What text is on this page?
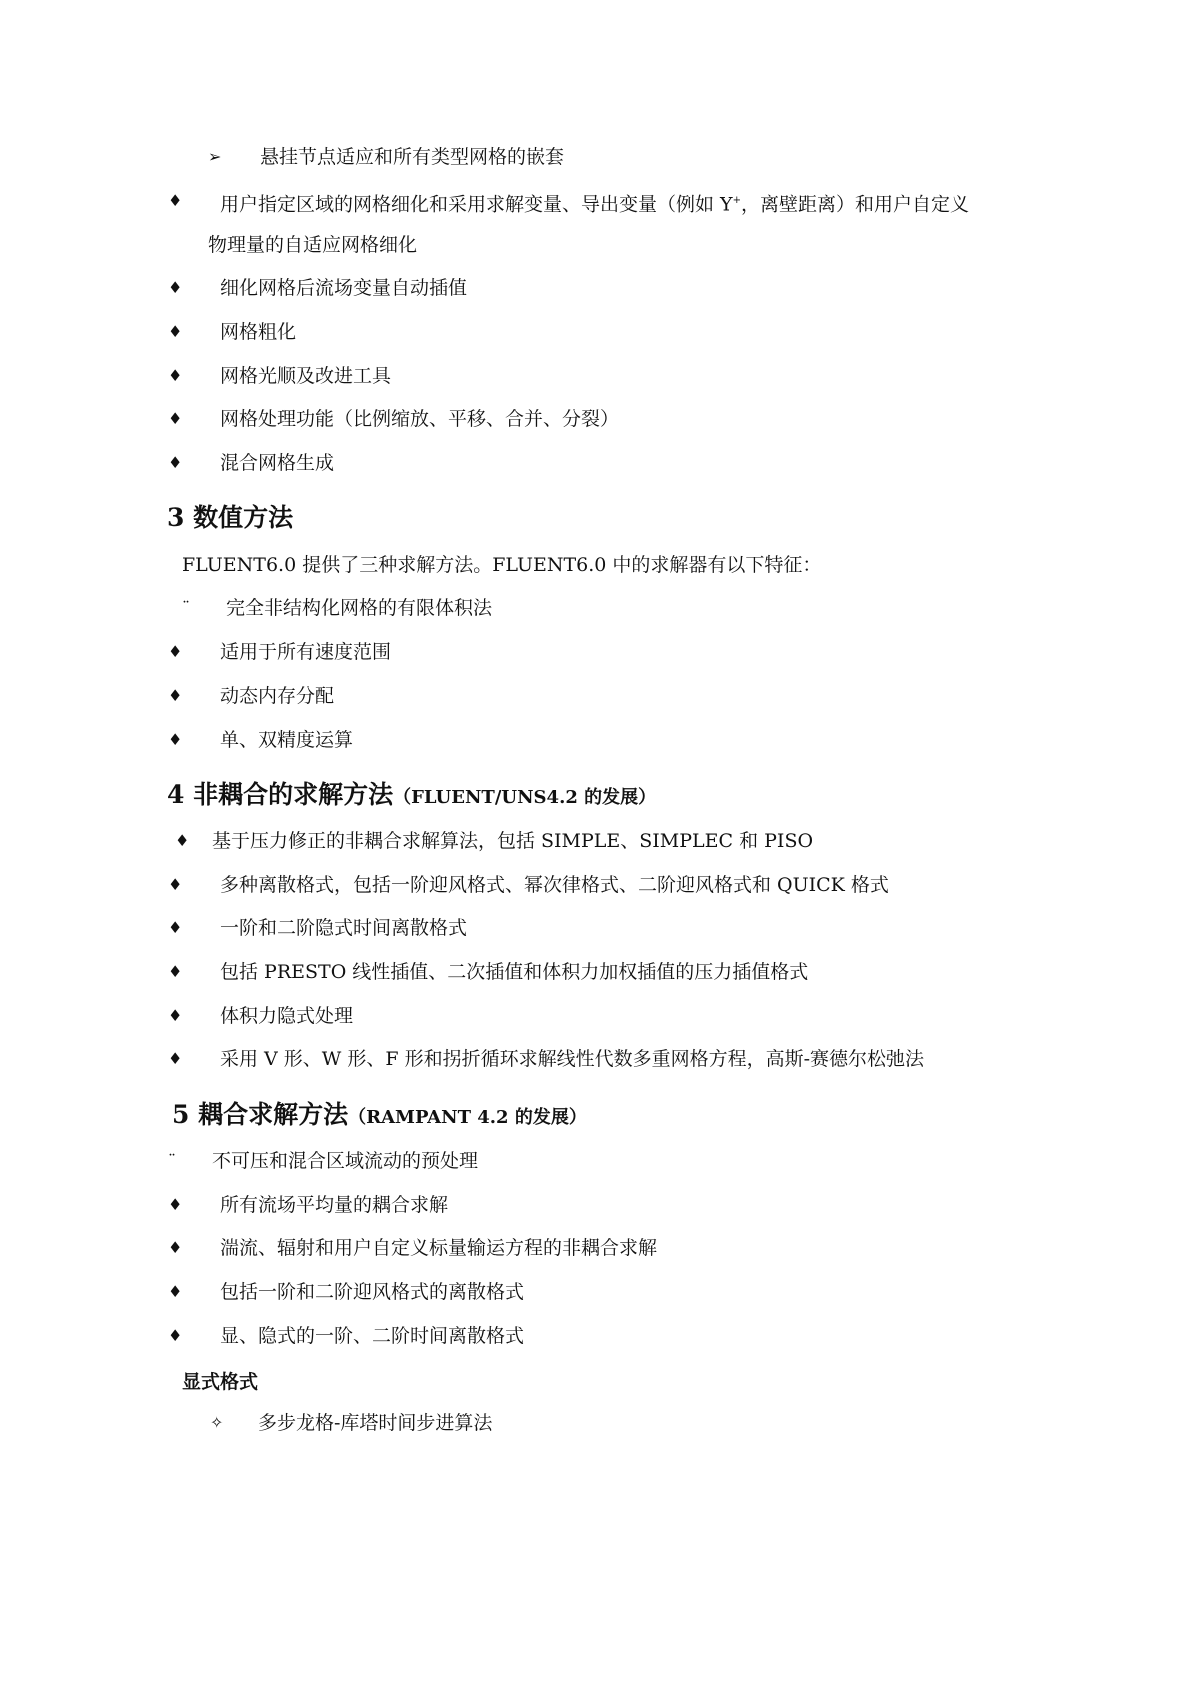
➢ 悬挂节点适应和所有类型网格的嵌套
♦ 用户指定区域的网格细化和采用求解变量、导出变量（例如 Y+，离壁距离）和用户自定义
物理量的自适应网格细化
♦ 细化网格后流场变量自动插值
♦ 网格粗化
♦ 网格光顺及改进工具
♦ 网格处理功能（比例缩放、平移、合并、分裂）
♦ 混合网格生成
3 数值方法
FLUENT6.0 提供了三种求解方法。FLUENT6.0 中的求解器有以下特征：
¨ 完全非结构化网格的有限体积法
♦ 适用于所有速度范围
♦ 动态内存分配
♦ 单、双精度运算
4 非耦合的求解方法（FLUENT/UNS4.2 的发展）
♦ 基于压力修正的非耦合求解算法，包括 SIMPLE、SIMPLEC 和 PISO
♦ 多种离散格式，包括一阶迎风格式、幂次律格式、二阶迎风格式和 QUICK 格式
♦ 一阶和二阶隐式时间离散格式
♦ 包括 PRESTO 线性插值、二次插值和体积力加权插值的压力插值格式
♦ 体积力隐式处理
♦ 采用 V 形、W 形、F 形和拐折循环求解线性代数多重网格方程，高斯-赛德尔松弛法
5 耦合求解方法（RAMPANT 4.2 的发展）
¨ 不可压和混合区域流动的预处理
♦ 所有流场平均量的耦合求解
♦ 湍流、辐射和用户自定义标量输运方程的非耦合求解
♦ 包括一阶和二阶迎风格式的离散格式
♦ 显、隐式的一阶、二阶时间离散格式
显式格式
✧ 多步龙格-库塔时间步进算法
